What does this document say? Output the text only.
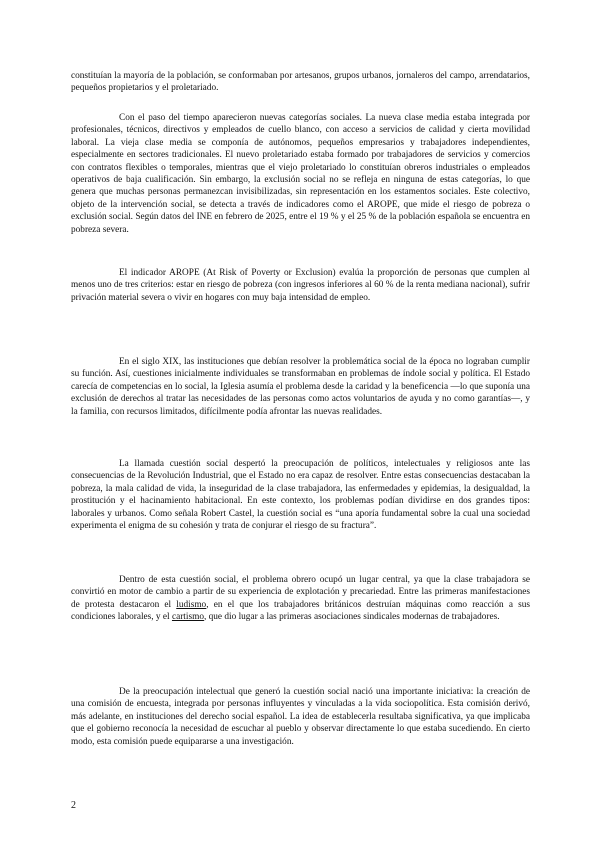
constituían la mayoría de la población, se conformaban por artesanos, grupos urbanos, jornaleros del campo, arrendatarios, pequeños propietarios y el proletariado.

Con el paso del tiempo aparecieron nuevas categorías sociales. La nueva clase media estaba integrada por profesionales, técnicos, directivos y empleados de cuello blanco, con acceso a servicios de calidad y cierta movilidad laboral. La vieja clase media se componía de autónomos, pequeños empresarios y trabajadores independientes, especialmente en sectores tradicionales. El nuevo proletariado estaba formado por trabajadores de servicios y comercios con contratos flexibles o temporales, mientras que el viejo proletariado lo constituían obreros industriales o empleados operativos de baja cualificación. Sin embargo, la exclusión social no se refleja en ninguna de estas categorías, lo que genera que muchas personas permanezcan invisibilizadas, sin representación en los estamentos sociales. Este colectivo, objeto de la intervención social, se detecta a través de indicadores como el AROPE, que mide el riesgo de pobreza o exclusión social. Según datos del INE en febrero de 2025, entre el 19 % y el 25 % de la población española se encuentra en pobreza severa.

El indicador AROPE (At Risk of Poverty or Exclusion) evalúa la proporción de personas que cumplen al menos uno de tres criterios: estar en riesgo de pobreza (con ingresos inferiores al 60 % de la renta mediana nacional), sufrir privación material severa o vivir en hogares con muy baja intensidad de empleo.

En el siglo XIX, las instituciones que debían resolver la problemática social de la época no lograban cumplir su función. Así, cuestiones inicialmente individuales se transformaban en problemas de índole social y política. El Estado carecía de competencias en lo social, la Iglesia asumía el problema desde la caridad y la beneficencia —lo que suponía una exclusión de derechos al tratar las necesidades de las personas como actos voluntarios de ayuda y no como garantías—, y la familia, con recursos limitados, difícilmente podía afrontar las nuevas realidades.

La llamada cuestión social despertó la preocupación de políticos, intelectuales y religiosos ante las consecuencias de la Revolución Industrial, que el Estado no era capaz de resolver. Entre estas consecuencias destacaban la pobreza, la mala calidad de vida, la inseguridad de la clase trabajadora, las enfermedades y epidemias, la desigualdad, la prostitución y el hacinamiento habitacional. En este contexto, los problemas podían dividirse en dos grandes tipos: laborales y urbanos. Como señala Robert Castel, la cuestión social es “una aporía fundamental sobre la cual una sociedad experimenta el enigma de su cohesión y trata de conjurar el riesgo de su fractura”.

Dentro de esta cuestión social, el problema obrero ocupó un lugar central, ya que la clase trabajadora se convirtió en motor de cambio a partir de su experiencia de explotación y precariedad. Entre las primeras manifestaciones de protesta destacaron el ludismo, en el que los trabajadores británicos destruían máquinas como reacción a sus condiciones laborales, y el cartismo, que dio lugar a las primeras asociaciones sindicales modernas de trabajadores.

De la preocupación intelectual que generó la cuestión social nació una importante iniciativa: la creación de una comisión de encuesta, integrada por personas influyentes y vinculadas a la vida sociopolítica. Esta comisión derivó, más adelante, en instituciones del derecho social español. La idea de establecerla resultaba significativa, ya que implicaba que el gobierno reconocía la necesidad de escuchar al pueblo y observar directamente lo que estaba sucediendo. En cierto modo, esta comisión puede equipararse a una investigación.

2
